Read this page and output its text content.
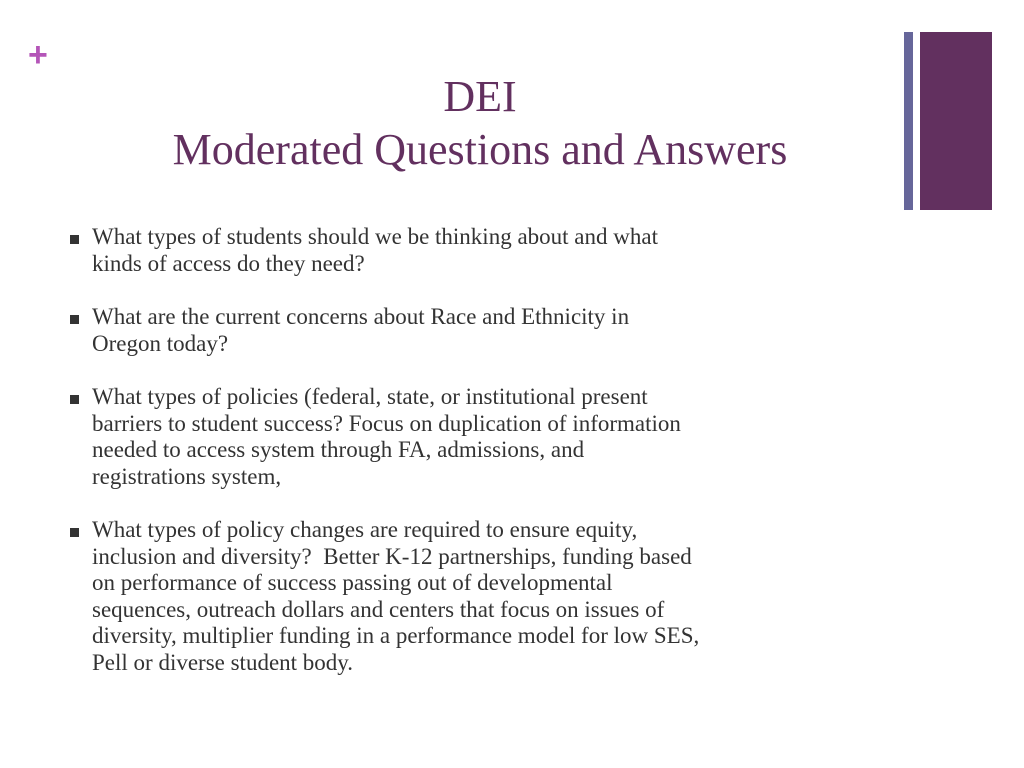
+
DEI
Moderated Questions and Answers
What types of students should we be thinking about and what
kinds of access do they need?
What are the current concerns about Race and Ethnicity in
Oregon today?
What types of policies (federal, state, or institutional present
barriers to student success? Focus on duplication of information
needed to access system through FA, admissions, and
registrations system,
What types of policy changes are required to ensure equity,
inclusion and diversity?  Better K-12 partnerships, funding based
on performance of success passing out of developmental
sequences, outreach dollars and centers that focus on issues of
diversity, multiplier funding in a performance model for low SES,
Pell or diverse student body.
